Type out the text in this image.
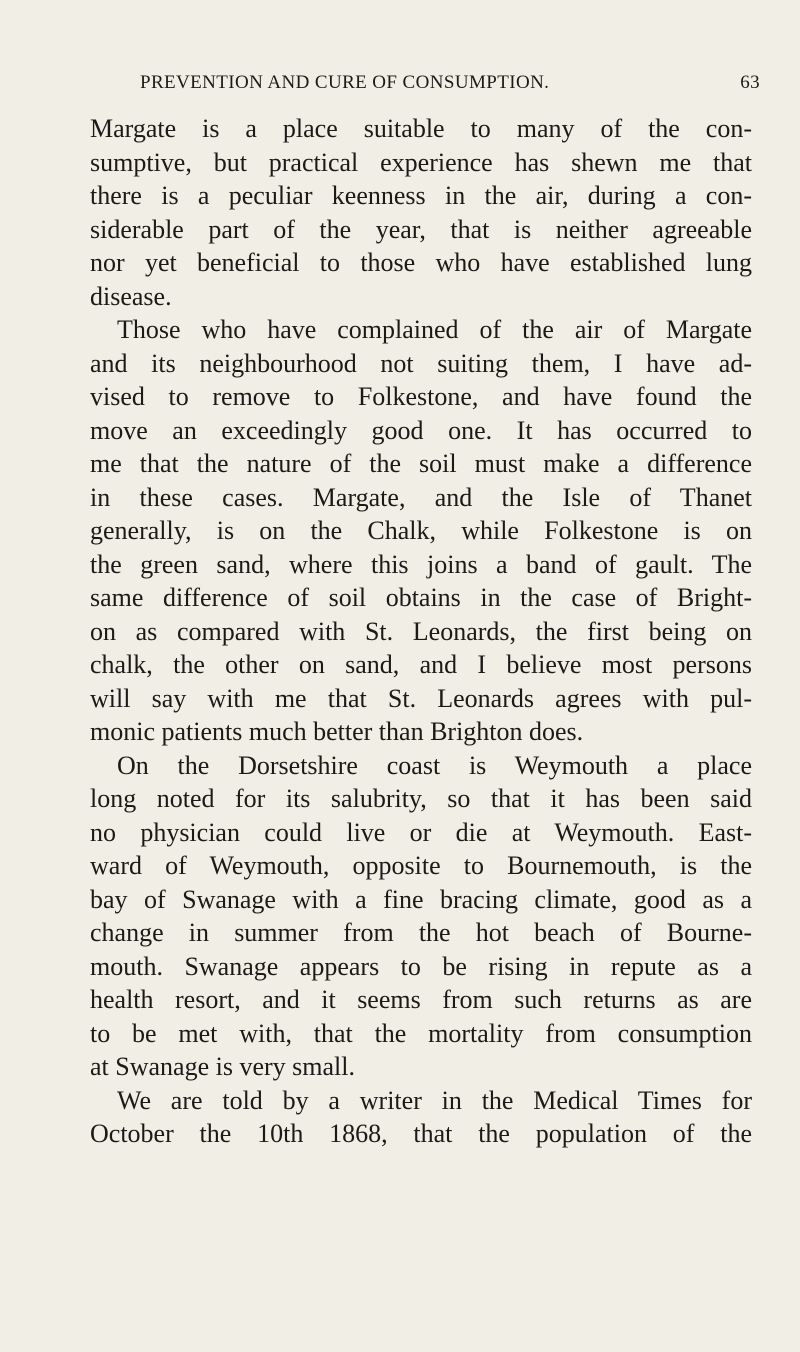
PREVENTION AND CURE OF CONSUMPTION.	63
Margate is a place suitable to many of the con-
sumptive, but practical experience has shewn me that
there is a peculiar keenness in the air, during a con-
siderable part of the year, that is neither agreeable
nor yet beneficial to those who have established lung
disease.
Those who have complained of the air of Margate
and its neighbourhood not suiting them, I have ad-
vised to remove to Folkestone, and have found the
move an exceedingly good one. It has occurred to
me that the nature of the soil must make a difference
in these cases. Margate, and the Isle of Thanet
generally, is on the Chalk, while Folkestone is on
the green sand, where this joins a band of gault. The
same difference of soil obtains in the case of Bright-
on as compared with St. Leonards, the first being on
chalk, the other on sand, and I believe most persons
will say with me that St. Leonards agrees with pul-
monic patients much better than Brighton does.
On the Dorsetshire coast is Weymouth a place
long noted for its salubrity, so that it has been said
no physician could live or die at Weymouth. East-
ward of Weymouth, opposite to Bournemouth, is the
bay of Swanage with a fine bracing climate, good as a
change in summer from the hot beach of Bourne-
mouth. Swanage appears to be rising in repute as a
health resort, and it seems from such returns as are
to be met with, that the mortality from consumption
at Swanage is very small.
We are told by a writer in the Medical Times for
October the 10th 1868, that the population of the
